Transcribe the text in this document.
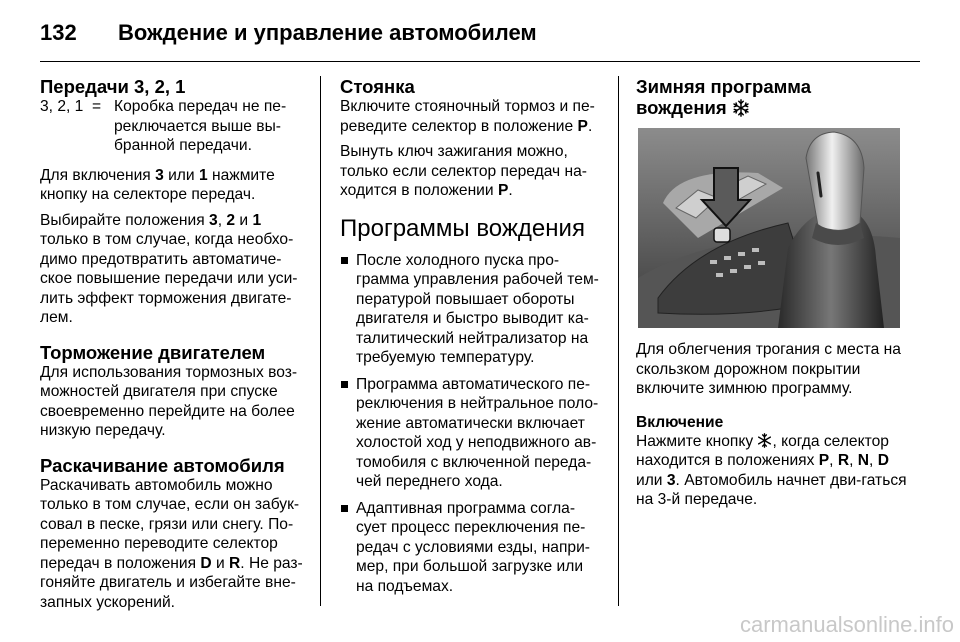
132 Вождение и управление автомобилем
Передачи 3, 2, 1
3, 2, 1 = Коробка передач не пе-реключается выше вы-бранной передачи.

Для включения 3 или 1 нажмите кнопку на селекторе передач.

Выбирайте положения 3, 2 и 1 только в том случае, когда необхо-димо предотвратить автоматиче-ское повышение передачи или уси-лить эффект торможения двигате-лем.

Торможение двигателем

Для использования тормозных воз-можностей двигателя при спуске своевременно перейдите на более низкую передачу.

Раскачивание автомобиля

Раскачивать автомобиль можно только в том случае, если он забук-совал в песке, грязи или снегу. По-переменно переводите селектор передач в положения D и R. Не раз-гоняйте двигатель и избегайте вне-запных ускорений.

Стоянка

Включите стояночный тормоз и пе-реведите селектор в положение P.

Вынуть ключ зажигания можно, только если селектор передач на-ходится в положении P.

Программы вождения
После холодного пуска про-грамма управления рабочей тем-пературой повышает обороты двигателя и быстро выводит ка-талитический нейтрализатор на требуемую температуру.
Программа автоматического пе-реключения в нейтральное поло-жение автоматически включает холостой ход у неподвижного ав-томобиля с включенной переда-чей переднего хода.
Адаптивная программа согла-сует процесс переключения пе-редач с условиями езды, напри-мер, при большой загрузке или на подъемах.
Зимняя программа
вождения

Для облегчения трогания с места на скользком дорожном покрытии включите зимнюю программу.

Включение

Нажмите кнопку , когда селектор находится в положениях P, R, N, D или 3. Автомобиль начнет дви-гаться на 3-й передаче.

carmanualsonline.info
